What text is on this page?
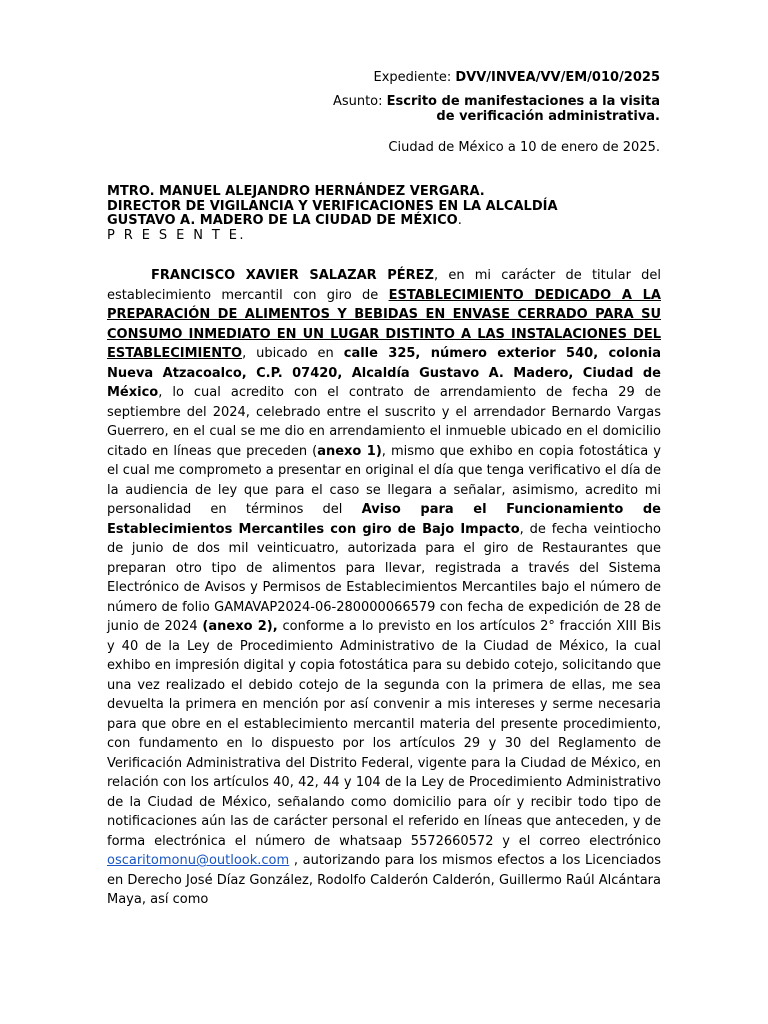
Expediente: DVV/INVEA/VV/EM/010/2025
Asunto: Escrito de manifestaciones a la visita
de verificación administrativa.
Ciudad de México a 10 de enero de 2025.
MTRO. MANUEL ALEJANDRO HERNÁNDEZ VERGARA.
DIRECTOR DE VIGILANCIA Y VERIFICACIONES EN LA ALCALDÍA
GUSTAVO A. MADERO DE LA CIUDAD DE MÉXICO.

P R E S E N T E.

FRANCISCO XAVIER SALAZAR PÉREZ, en mi carácter de titular del establecimiento mercantil con giro de ESTABLECIMIENTO DEDICADO A LA PREPARACIÓN DE ALIMENTOS Y BEBIDAS EN ENVASE CERRADO PARA SU CONSUMO INMEDIATO EN UN LUGAR DISTINTO A LAS INSTALACIONES DEL ESTABLECIMIENTO, ubicado en calle 325, número exterior 540, colonia Nueva Atzacoalco, C.P. 07420, Alcaldía Gustavo A. Madero, Ciudad de México, lo cual acredito con el contrato de arrendamiento de fecha 29 de septiembre del 2024, celebrado entre el suscrito y el arrendador Bernardo Vargas Guerrero, en el cual se me dio en arrendamiento el inmueble ubicado en el domicilio citado en líneas que preceden (anexo 1), mismo que exhibo en copia fotostática y el cual me comprometo a presentar en original el día que tenga verificativo el día de la audiencia de ley que para el caso se llegara a señalar, asimismo, acredito mi personalidad en términos del Aviso para el Funcionamiento de Establecimientos Mercantiles con giro de Bajo Impacto, de fecha veintiocho de junio de dos mil veinticuatro, autorizada para el giro de Restaurantes que preparan otro tipo de alimentos para llevar, registrada a través del Sistema Electrónico de Avisos y Permisos de Establecimientos Mercantiles bajo el número de número de folio GAMAVAP2024-06-280000066579 con fecha de expedición de 28 de junio de 2024 (anexo 2), conforme a lo previsto en los artículos 2° fracción XIII Bis y 40 de la Ley de Procedimiento Administrativo de la Ciudad de México, la cual exhibo en impresión digital y copia fotostática para su debido cotejo, solicitando que una vez realizado el debido cotejo de la segunda con la primera de ellas, me sea devuelta la primera en mención por así convenir a mis intereses y serme necesaria para que obre en el establecimiento mercantil materia del presente procedimiento, con fundamento en lo dispuesto por los artículos 29 y 30 del Reglamento de Verificación Administrativa del Distrito Federal, vigente para la Ciudad de México, en relación con los artículos 40, 42, 44 y 104 de la Ley de Procedimiento Administrativo de la Ciudad de México, señalando como domicilio para oír y recibir todo tipo de notificaciones aún las de carácter personal el referido en líneas que anteceden, y de forma electrónica el número de whatsaap 5572660572 y el correo electrónico oscaritomonu@outlook.com , autorizando para los mismos efectos a los Licenciados en Derecho José Díaz González, Rodolfo Calderón Calderón, Guillermo Raúl Alcántara Maya, así como
